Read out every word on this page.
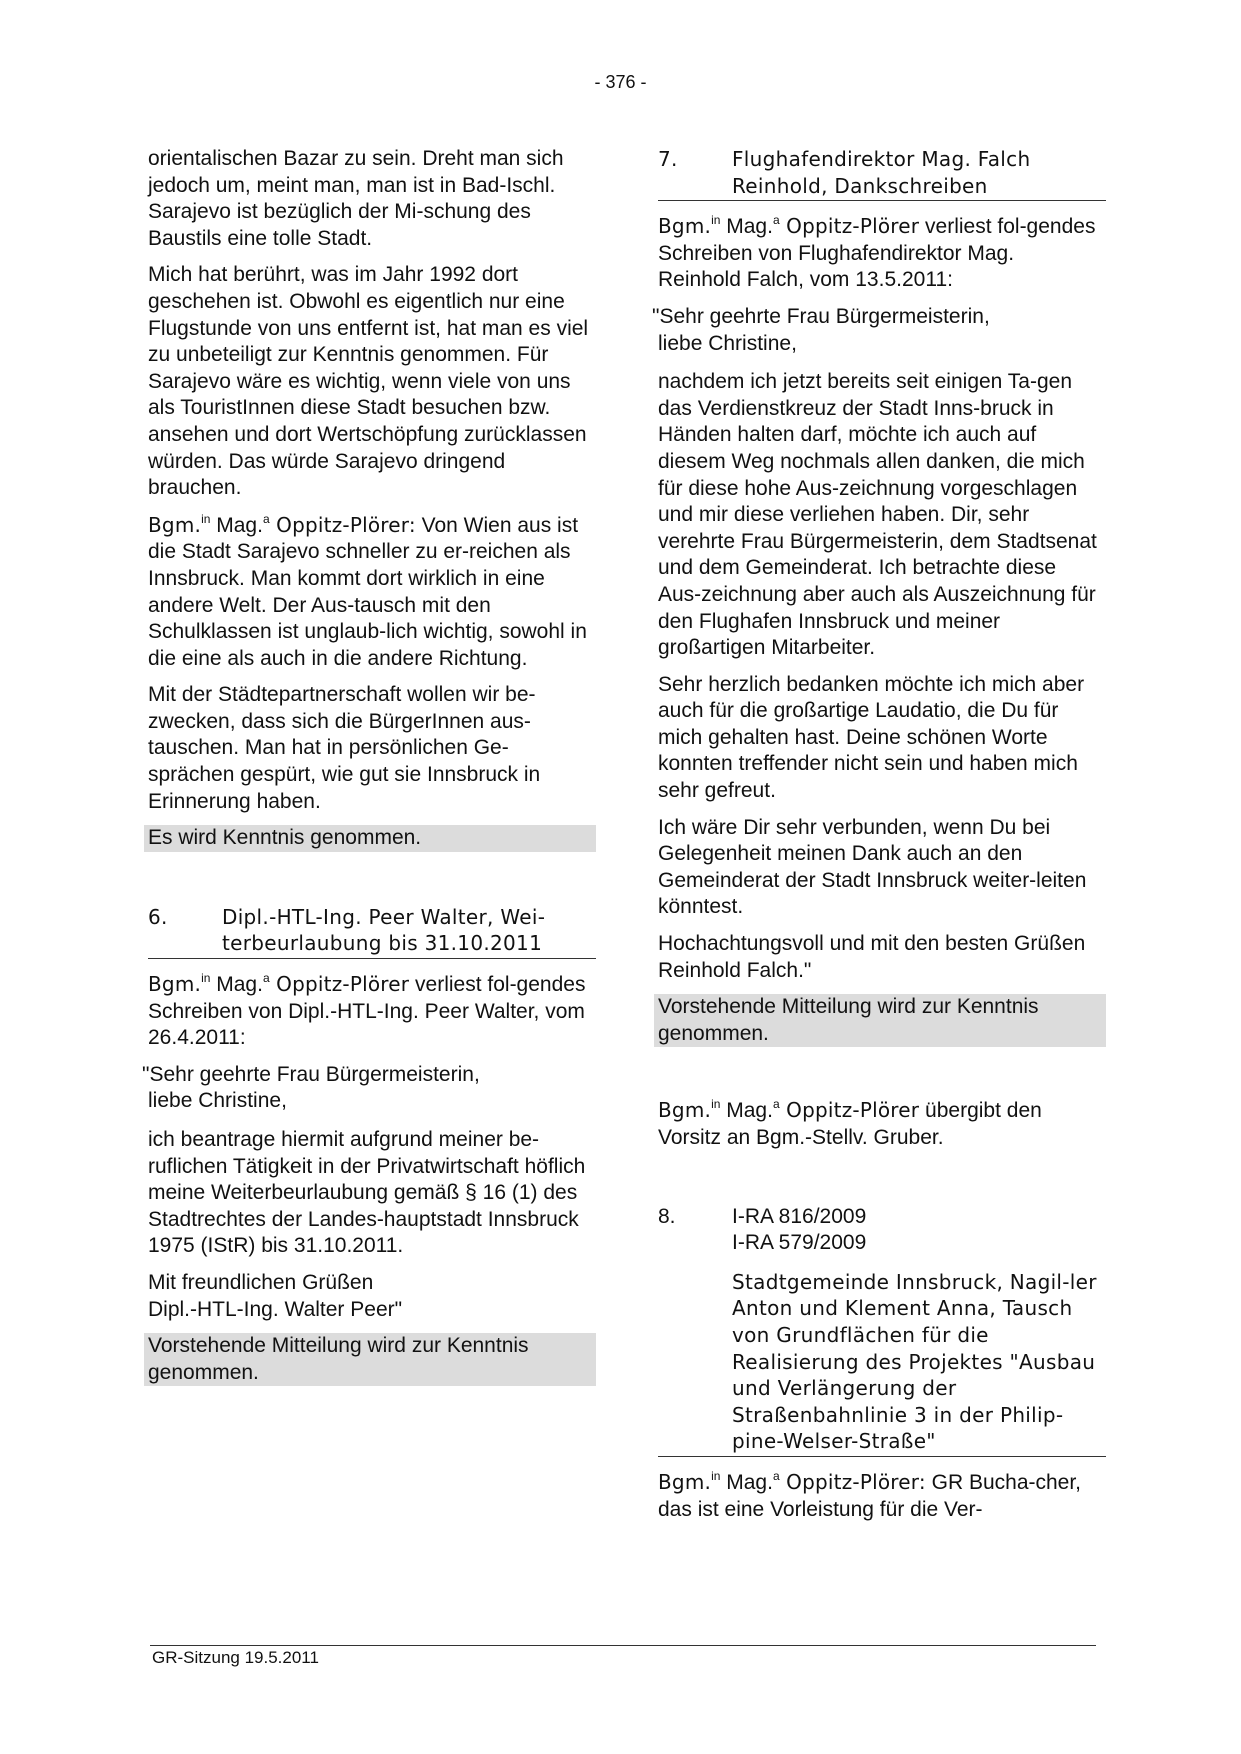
- 376 -

orientalischen Bazar zu sein. Dreht man sich jedoch um, meint man, man ist in Bad-Ischl. Sarajevo ist bezüglich der Mi-schung des Baustils eine tolle Stadt.

Mich hat berührt, was im Jahr 1992 dort geschehen ist. Obwohl es eigentlich nur eine Flugstunde von uns entfernt ist, hat man es viel zu unbeteiligt zur Kenntnis genommen. Für Sarajevo wäre es wichtig, wenn viele von uns als TouristInnen diese Stadt besuchen bzw. ansehen und dort Wertschöpfung zurücklassen würden. Das würde Sarajevo dringend brauchen.

Bgm.$^{in}$ Mag.$^a$ Oppitz-Plörer: Von Wien aus ist die Stadt Sarajevo schneller zu er-reichen als Innsbruck. Man kommt dort wirklich in eine andere Welt. Der Aus-tausch mit den Schulklassen ist unglaub-lich wichtig, sowohl in die eine als auch in die andere Richtung.

Mit der Städtepartnerschaft wollen wir be-zwecken, dass sich die BürgerInnen aus-tauschen. Man hat in persönlichen Ge-sprächen gespürt, wie gut sie Innsbruck in Erinnerung haben.

Es wird Kenntnis genommen.

6.	Dipl.-HTL-Ing. Peer Walter, Wei-terbeurlaubung bis 31.10.2011

Bgm.$^{in}$ Mag.$^a$ Oppitz-Plörer verliest fol-gendes Schreiben von Dipl.-HTL-Ing. Peer Walter, vom 26.4.2011:

"Sehr geehrte Frau Bürgermeisterin,
liebe Christine,

ich beantrage hiermit aufgrund meiner be-ruflichen Tätigkeit in der Privatwirtschaft höflich meine Weiterbeurlaubung gemäß § 16 (1) des Stadtrechtes der Landes-hauptstadt Innsbruck 1975 (IStR) bis 31.10.2011.

Mit freundlichen Grüßen
Dipl.-HTL-Ing. Walter Peer"

Vorstehende Mitteilung wird zur Kenntnis genommen.

7.	Flughafendirektor Mag. Falch Reinhold, Dankschreiben

Bgm.$^{in}$ Mag.$^a$ Oppitz-Plörer verliest fol-gendes Schreiben von Flughafendirektor Mag. Reinhold Falch, vom 13.5.2011:

"Sehr geehrte Frau Bürgermeisterin,
liebe Christine,

nachdem ich jetzt bereits seit einigen Ta-gen das Verdienstkreuz der Stadt Inns-bruck in Händen halten darf, möchte ich auch auf diesem Weg nochmals allen danken, die mich für diese hohe Aus-zeichnung vorgeschlagen und mir diese verliehen haben. Dir, sehr verehrte Frau Bürgermeisterin, dem Stadtsenat und dem Gemeinderat. Ich betrachte diese Aus-zeichnung aber auch als Auszeichnung für den Flughafen Innsbruck und meiner großartigen Mitarbeiter.

Sehr herzlich bedanken möchte ich mich aber auch für die großartige Laudatio, die Du für mich gehalten hast. Deine schönen Worte konnten treffender nicht sein und haben mich sehr gefreut.

Ich wäre Dir sehr verbunden, wenn Du bei Gelegenheit meinen Dank auch an den Gemeinderat der Stadt Innsbruck weiter-leiten könntest.

Hochachtungsvoll und mit den besten Grüßen
Reinhold Falch."

Vorstehende Mitteilung wird zur Kenntnis genommen.

Bgm.$^{in}$ Mag.$^a$ Oppitz-Plörer übergibt den Vorsitz an Bgm.-Stellv. Gruber.

8.	I-RA 816/2009
I-RA 579/2009
Stadtgemeinde Innsbruck, Nagil-ler Anton und Klement Anna, Tausch von Grundflächen für die Realisierung des Projektes "Ausbau und Verlängerung der Straßenbahnlinie 3 in der Philip-pine-Welser-Straße"

Bgm.$^{in}$ Mag.$^a$ Oppitz-Plörer: GR Bucha-cher, das ist eine Vorleistung für die Ver-

GR-Sitzung 19.5.2011
